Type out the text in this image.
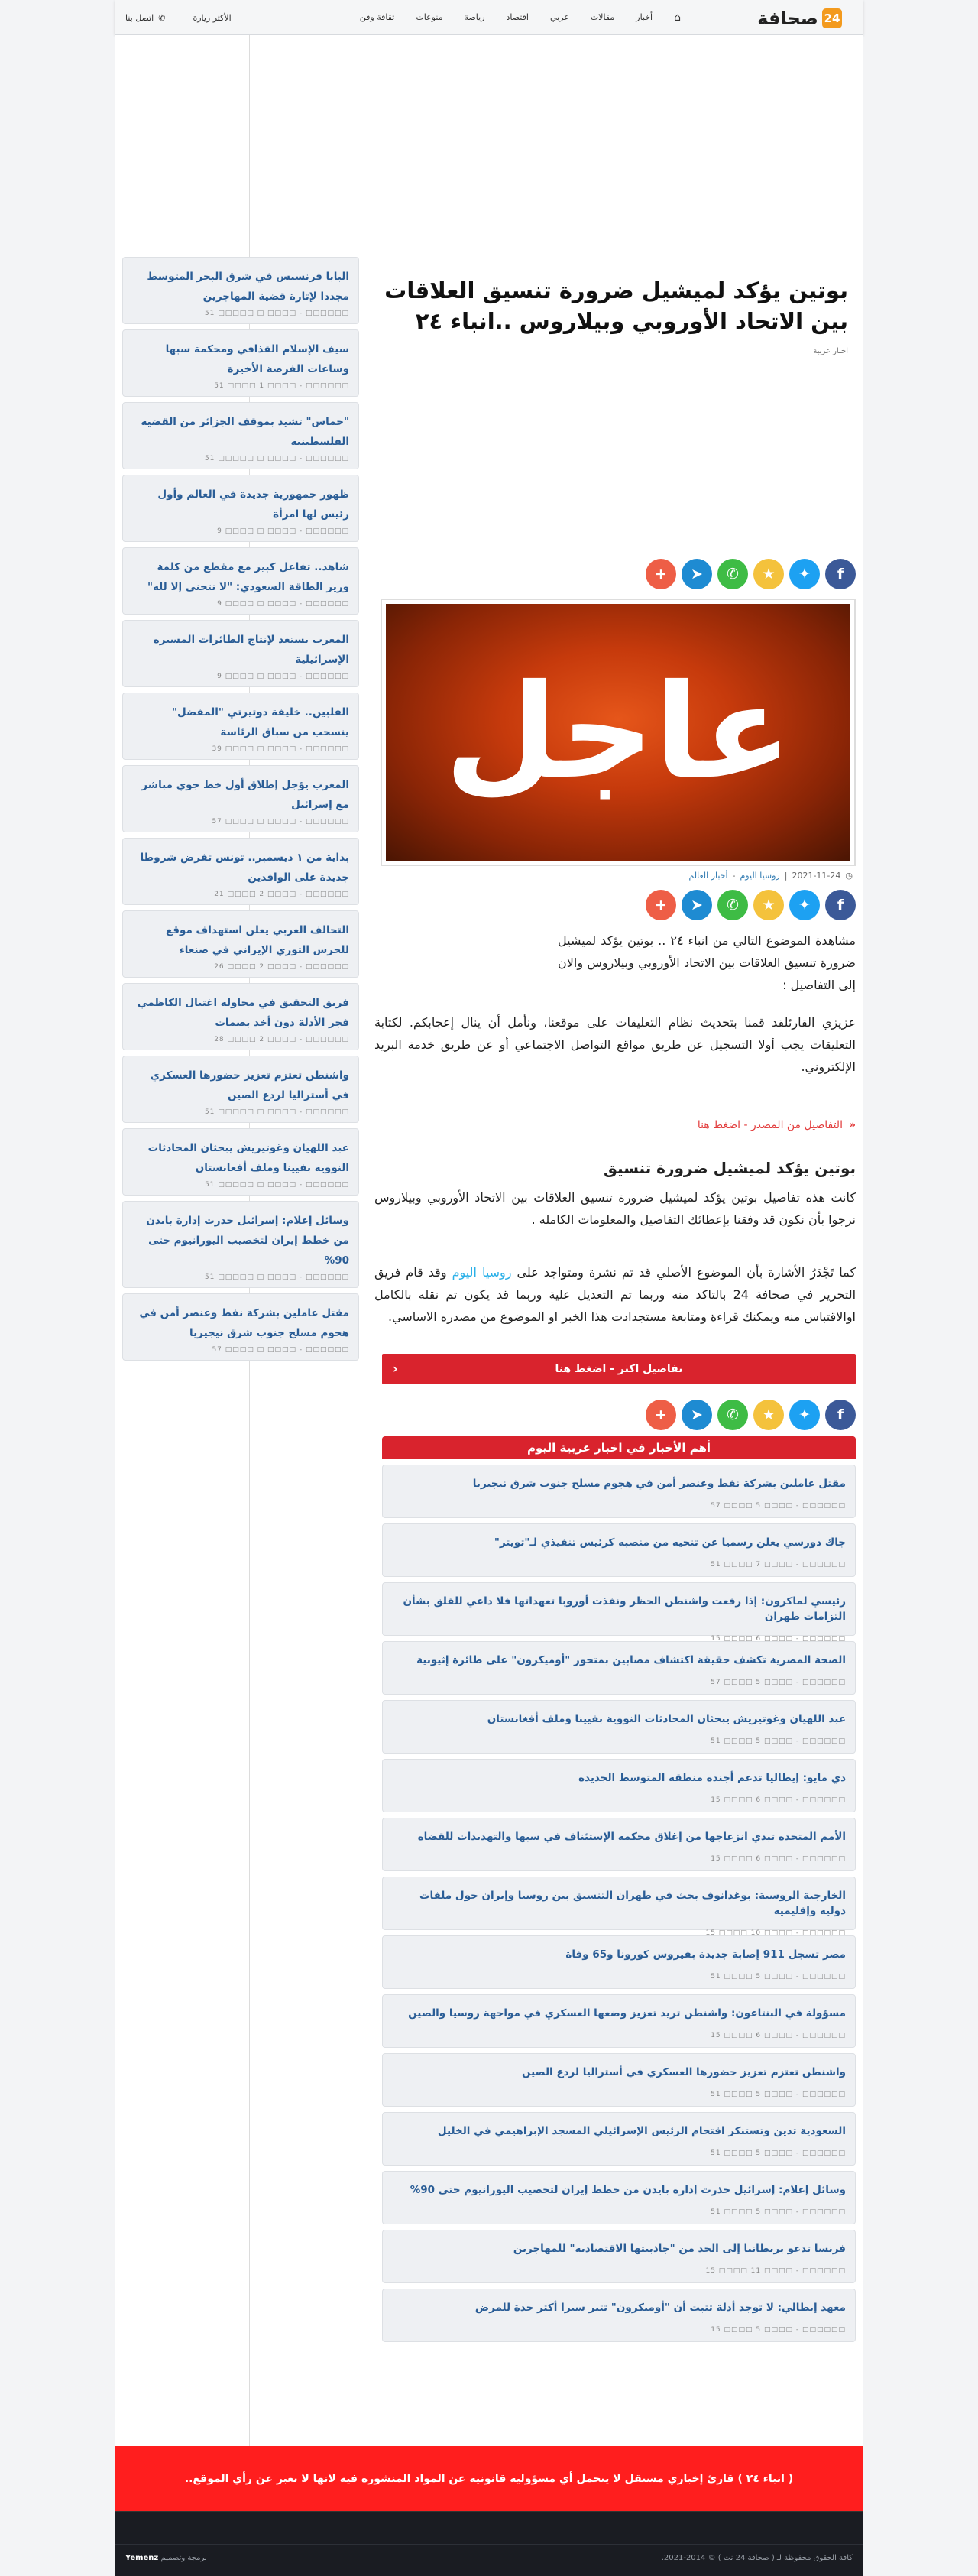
24
صحافة
⌂
أخبار
مقالات
عربي
اقتصاد
رياضة
منوعات
ثقافة وفن
الأكثر زيارة
✆
اتصل بنا
البابا فرنسيس في شرق البحر المتوسط مجددا لإثارة قضية المهاجرين
□□□□□□ - □□□□ □ □□□□□ 51
سيف الإسلام القذافي ومحكمة سبها وساعات الفرصة الأخيرة
□□□□□□ - □□□□ 1 □□□□ 51
"حماس" تشيد بموقف الجزائر من القضية الفلسطينية
□□□□□□ - □□□□ □ □□□□□ 51
ظهور جمهورية جديدة في العالم وأول رئيس لها امرأة
□□□□□□ - □□□□ □ □□□□ 9
شاهد.. تفاعل كبير مع مقطع من كلمة وزير الطاقة السعودي: "لا نتحنى إلا لله"
□□□□□□ - □□□□ □ □□□□ 9
المغرب يستعد لإنتاج الطائرات المسيرة الإسرائيلية
□□□□□□ - □□□□ □ □□□□ 9
الفلبين.. خليفة دوتيرتي "المفضل" ينسحب من سباق الرئاسة
□□□□□□ - □□□□ □ □□□□ 39
المغرب يؤجل إطلاق أول خط جوي مباشر مع إسرائيل
□□□□□□ - □□□□ □ □□□□ 57
بداية من ١ ديسمبر.. تونس تفرض شروطا جديدة على الوافدين
□□□□□□ - □□□□ 2 □□□□ 21
التحالف العربي يعلن استهداف موقع للحرس الثوري الإيراني في صنعاء
□□□□□□ - □□□□ 2 □□□□ 26
فريق التحقيق في محاولة اغتيال الكاظمي فجر الأدلة دون أخذ بصمات
□□□□□□ - □□□□ 2 □□□□ 28
واشنطن تعتزم تعزيز حضورها العسكري في أستراليا لردع الصين
□□□□□□ - □□□□ □ □□□□□ 51
عبد اللهيان وغوتيريش يبحثان المحادثات النووية بفيينا وملف أفغانستان
□□□□□□ - □□□□ □ □□□□□ 51
وسائل إعلام: إسرائيل حذرت إدارة بايدن من خطط إيران لتخصيب اليورانيوم حتى 90%
□□□□□□ - □□□□ □ □□□□□ 51
مقتل عاملين بشركة نفط وعنصر أمن في هجوم مسلح جنوب شرق نيجيريا
□□□□□□ - □□□□ □ □□□□ 57
بوتين يؤكد لميشيل ضرورة تنسيق العلاقات بين الاتحاد الأوروبي وبيلاروس ..انباء ٢٤
اخبار عربية
f
✦
★
✆
➤
+
عاجل
◷
2021-11-24
|
روسيا اليوم
-
أخبار العالم
f
✦
★
✆
➤
+

مشاهدة الموضوع التالي من انباء ٢٤ .. بوتين يؤكد لميشيل ضرورة تنسيق العلاقات بين الاتحاد الأوروبي وبيلاروس والان إلى التفاصيل :

عزيزي القارئلقد قمنا بتحديث نظام التعليقات على موقعنا، ونأمل أن ينال إعجابكم. لكتابة التعليقات يجب أولا التسجيل عن طريق مواقع التواصل الاجتماعي أو عن طريق خدمة البريد الإلكتروني.

«
التفاصيل من المصدر - اضغط هنا
بوتين يؤكد لميشيل ضرورة تنسيق

كانت هذه تفاصيل بوتين يؤكد لميشيل ضرورة تنسيق العلاقات بين الاتحاد الأوروبي وبيلاروس نرجوا بأن نكون قد وفقنا بإعطائك التفاصيل والمعلومات الكامله .

كما تَجْدَرُ الأشارة بأن الموضوع الأصلي قد تم نشرة ومتواجد على روسيا اليوم وقد قام فريق التحرير في صحافة 24 بالتاكد منه وربما تم التعديل علية وربما قد يكون تم نقله بالكامل اوالاقتباس منه ويمكنك قراءة ومتابعة مستجدادت هذا الخبر او الموضوع من مصدره الاساسي.

تفاصيل اكثر - اضغط هنا
‹
f
✦
★
✆
➤
+
أهم الأخبار في اخبار عربية اليوم
مقتل عاملين بشركة نفط وعنصر أمن في هجوم مسلح جنوب شرق نيجيريا
□□□□□□ - □□□□ 5 □□□□ 57
جاك دورسي يعلن رسميا عن تنحيه من منصبه كرئيس تنفيذي لـ"تويتر"
□□□□□□ - □□□□ 7 □□□□ 51
رئيسي لماكرون: إذا رفعت واشنطن الحظر ونفذت أوروبا تعهداتها فلا داعي للقلق بشأن التزامات طهران
□□□□□□ - □□□□ 6 □□□□ 15
الصحة المصرية تكشف حقيقة اكتشاف مصابين بمتحور "أوميكرون" على طائرة إثيوبية
□□□□□□ - □□□□ 5 □□□□ 57
عبد اللهيان وغوتيريش يبحثان المحادثات النووية بفيينا وملف أفغانستان
□□□□□□ - □□□□ 5 □□□□ 51
دي مايو: إيطاليا تدعم أجندة منطقة المتوسط الجديدة
□□□□□□ - □□□□ 6 □□□□ 15
الأمم المتحدة تبدي انزعاجها من إغلاق محكمة الإستئناف في سبها والتهديدات للقضاة
□□□□□□ - □□□□ 6 □□□□ 15
الخارجية الروسية: بوغدانوف بحث في طهران التنسيق بين روسيا وإيران حول ملفات دولية وإقليمية
□□□□□□ - □□□□ 10 □□□□ 15
مصر تسجل 911 إصابة جديدة بفيروس كورونا و65 وفاة
□□□□□□ - □□□□ 5 □□□□ 51
مسؤولة في البنتاغون: واشنطن تريد تعزيز وضعها العسكري في مواجهة روسيا والصين
□□□□□□ - □□□□ 6 □□□□ 15
واشنطن تعتزم تعزيز حضورها العسكري في أستراليا لردع الصين
□□□□□□ - □□□□ 5 □□□□ 51
السعودية تدين وتستنكر اقتحام الرئيس الإسرائيلي المسجد الإبراهيمي في الخليل
□□□□□□ - □□□□ 5 □□□□ 51
وسائل إعلام: إسرائيل حذرت إدارة بايدن من خطط إيران لتخصيب اليورانيوم حتى 90%
□□□□□□ - □□□□ 5 □□□□ 51
فرنسا تدعو بريطانيا إلى الحد من "جاذبيتها الاقتصادية" للمهاجرين
□□□□□□ - □□□□ 11 □□□□ 15
معهد إيطالي: لا توجد أدلة تثبت أن "أوميكرون" تثير سيرا أكثر حدة للمرض
□□□□□□ - □□□□ 5 □□□□ 15
( انباء ٢٤ ) قارئ إخباري مستقل لا يتحمل أي مسؤولية قانونية عن المواد المنشورة فيه لانها لا تعبر عن رأي الموقع..
كافة الحقوق محفوظة لـ ( صحافة 24 نت ) © 2014-2021.
برمجة وتصميم Yemenz
